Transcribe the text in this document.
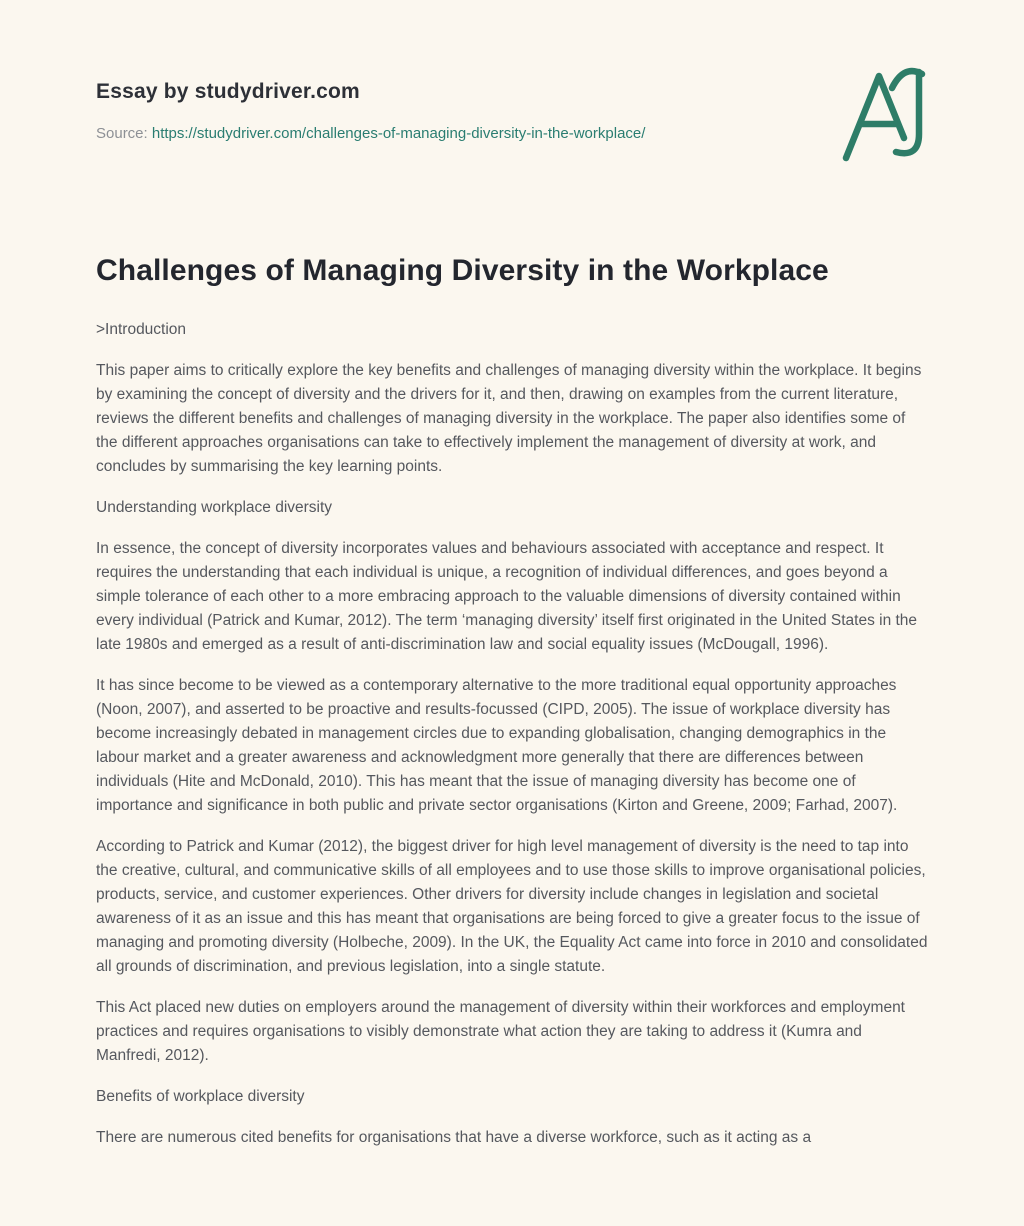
Essay by studydriver.com
Source: https://studydriver.com/challenges-of-managing-diversity-in-the-workplace/
Challenges of Managing Diversity in the Workplace

>Introduction

This paper aims to critically explore the key benefits and challenges of managing diversity within the workplace. It begins by examining the concept of diversity and the drivers for it, and then, drawing on examples from the current literature, reviews the different benefits and challenges of managing diversity in the workplace. The paper also identifies some of the different approaches organisations can take to effectively implement the management of diversity at work, and concludes by summarising the key learning points.

Understanding workplace diversity

In essence, the concept of diversity incorporates values and behaviours associated with acceptance and respect. It requires the understanding that each individual is unique, a recognition of individual differences, and goes beyond a simple tolerance of each other to a more embracing approach to the valuable dimensions of diversity contained within every individual (Patrick and Kumar, 2012). The term ‘managing diversity’ itself first originated in the United States in the late 1980s and emerged as a result of anti-discrimination law and social equality issues (McDougall, 1996).

It has since become to be viewed as a contemporary alternative to the more traditional equal opportunity approaches (Noon, 2007), and asserted to be proactive and results-focussed (CIPD, 2005). The issue of workplace diversity has become increasingly debated in management circles due to expanding globalisation, changing demographics in the labour market and a greater awareness and acknowledgment more generally that there are differences between individuals (Hite and McDonald, 2010). This has meant that the issue of managing diversity has become one of importance and significance in both public and private sector organisations (Kirton and Greene, 2009; Farhad, 2007).

According to Patrick and Kumar (2012), the biggest driver for high level management of diversity is the need to tap into the creative, cultural, and communicative skills of all employees and to use those skills to improve organisational policies, products, service, and customer experiences. Other drivers for diversity include changes in legislation and societal awareness of it as an issue and this has meant that organisations are being forced to give a greater focus to the issue of managing and promoting diversity (Holbeche, 2009). In the UK, the Equality Act came into force in 2010 and consolidated all grounds of discrimination, and previous legislation, into a single statute.

This Act placed new duties on employers around the management of diversity within their workforces and employment practices and requires organisations to visibly demonstrate what action they are taking to address it (Kumra and Manfredi, 2012).

Benefits of workplace diversity

There are numerous cited benefits for organisations that have a diverse workforce, such as it acting as a
